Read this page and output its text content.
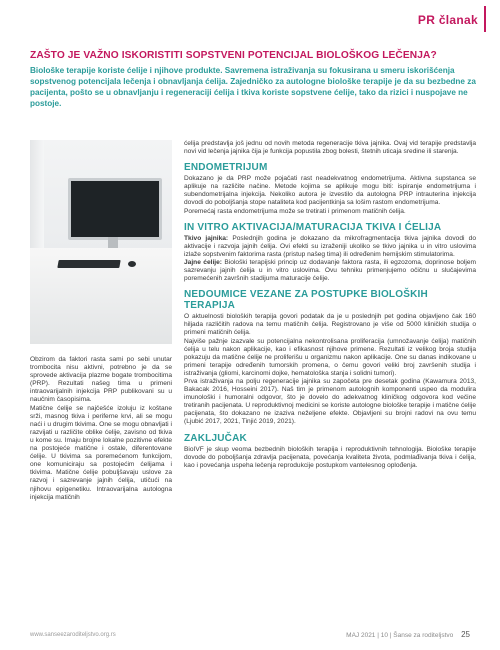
PR članak
ZAŠTO JE VAŽNO ISKORISTITI SOPSTVENI POTENCIJAL BIOLOŠKOG LEČENJA?

Biološke terapije koriste ćelije i njihove produkte. Savremena istraživanja su fokusirana u smeru iskorišćenja sopstvenog potencijala lečenja i obnavljanja ćelija. Zajedničko za autologne biološke terapije je da su bezbedne za pacijenta, pošto se u obnavljanju i regeneraciji ćelija i tkiva koriste sopstvene ćelije, tako da rizici i nuspojave ne postoje.

Obzirom da faktori rasta sami po sebi unutar trombocita nisu aktivni, potrebno je da se sprovede aktivacija plazme bogate trombocitima (PRP). Rezultati našeg tima u primeni intraovarijalnih injekcija PRP publikovani su u naučnim časopisima.

Matične ćelije se najčešće izoluju iz koštane srži, masnog tkiva i periferne krvi, ali se mogu naći i u drugim tkivima. One se mogu obnavljati i razvijati u različite oblike ćelije, zavisno od tkiva u kome su. Imaju brojne lokalne pozitivne efekte na postojeće matične i ostale, diferentovane ćelije. U tkivima sa poremećenom funkcijom, one komuniciraju sa postojećim ćelijama i tkivima. Matične ćelije pobuljšavaju uslove za razvoj i sazrevanje jajnih ćelija, utičući na njihovu epigenetiku. Intraovarijalna autologna injekcija matičnih

ćelija predstavlja još jednu od novih metoda regeneracije tkiva jajnika. Ovaj vid terapije predstavlja novi vid lečenja jajnika čija je funkcija popustila zbog bolesti, štetnih uticaja sredine ili starenja.

ENDOMETRIJUM

Dokazano je da PRP može pojačati rast neadekvatnog endometrijuma. Aktivna supstanca se aplikuje na različite načine. Metode kojima se aplikuje mogu biti: ispiranje endometrijuma i subendometrijalna injekcija. Nekoliko autora je izvestilo da autologna PRP intrauterina injekcija dovodi do poboljšanja stope nataliteta kod pacijentkinja sa lošim rastom endometrijuma.

Poremećaj rasta endometrijuma može se tretirati i primenom matičnih ćelija.

IN VITRO AKTIVACIJA/MATURACIJA TKIVA I ĆELIJA

Tkivo jajnika: Poslednjih godina je dokazano da mikrofragmentacija tkiva jajnika dovodi do aktivacije i razvoja jajnih ćelija. Ovi efekti su izraženiji ukoliko se tkivo jajnika u in vitro uslovima izlaže sopstvenim faktorima rasta (pristup našeg tima) ili određenim hemijskim stimulatorima.

Jajne ćelije: Biološki terapijski princip uz dodavanje faktora rasta, ili egzozoma, doprinose boljem sazrevanju jajnih ćelija u in vitro uslovima. Ovu tehniku primenjujemo očičnu u slučajevima poremećenih završnih stadijuma maturacije ćelije.

NEDOUMICE VEZANE ZA POSTUPKE BIOLOŠKIH TERAPIJA

O aktuelnosti bioloških terapija govori podatak da je u poslednjih pet godina objavljeno čak 160 hiljada različitih radova na temu matičnih ćelija. Registrovano je više od 5000 kliničkih studija o primeni matičnih ćelija.

Najviše pažnje izazvale su potencijalna nekontrolisana proliferacija (umnožavanje ćelija) matičnih ćelija u telu nakon aplikacije, kao i efikasnost njihove primene. Rezultati iz velikog broja studija pokazuju da matične ćelije ne proliferišu u organizmu nakon aplikacije. One su danas indikovane u primeni terapije određenih tumorskih promena, o čemu govori veliki broj završenih studija i istraživanja (gliomi, karcinomi dojke, hematološka stanja i solidni tumori).

Prva istraživanja na polju regeneracije jajnika su započeta pre desetak godina (Kawamura 2013, Bakacak 2016, Hosseini 2017). Naš tim je primenom autolognih komponenti uspeo da modulira imunološki i humoralni odgovor, što je dovelo do adekvatnog kliničkog odgovora kod večine tretiranih pacijenata. U reproduktivnoj medicini se koriste autologne biološke terapije i matične ćelije pacijenata, što dokazano ne izaziva neželjene efekte. Objavljeni su brojni radovi na ovu temu (Ljubić 2017, 2021, Tinjić 2019, 2021).

ZAKLJUČAK

BioIVF je skup veoma bezbednih bioloških terapija i reproduktivnih tehnologija. Biološke terapije dovode do poboljšanja zdravlja pacijenata, povećanja kvaliteta života, podmlađivanja tkiva i ćelija, kao i povećanja uspeha lečenja reprodukcije postupkom vantelesnog oplođenja.

www.sanseezaroditeljstvo.org.rs	MAJ 2021 | 10 | Šanse za roditeljstvo 25
